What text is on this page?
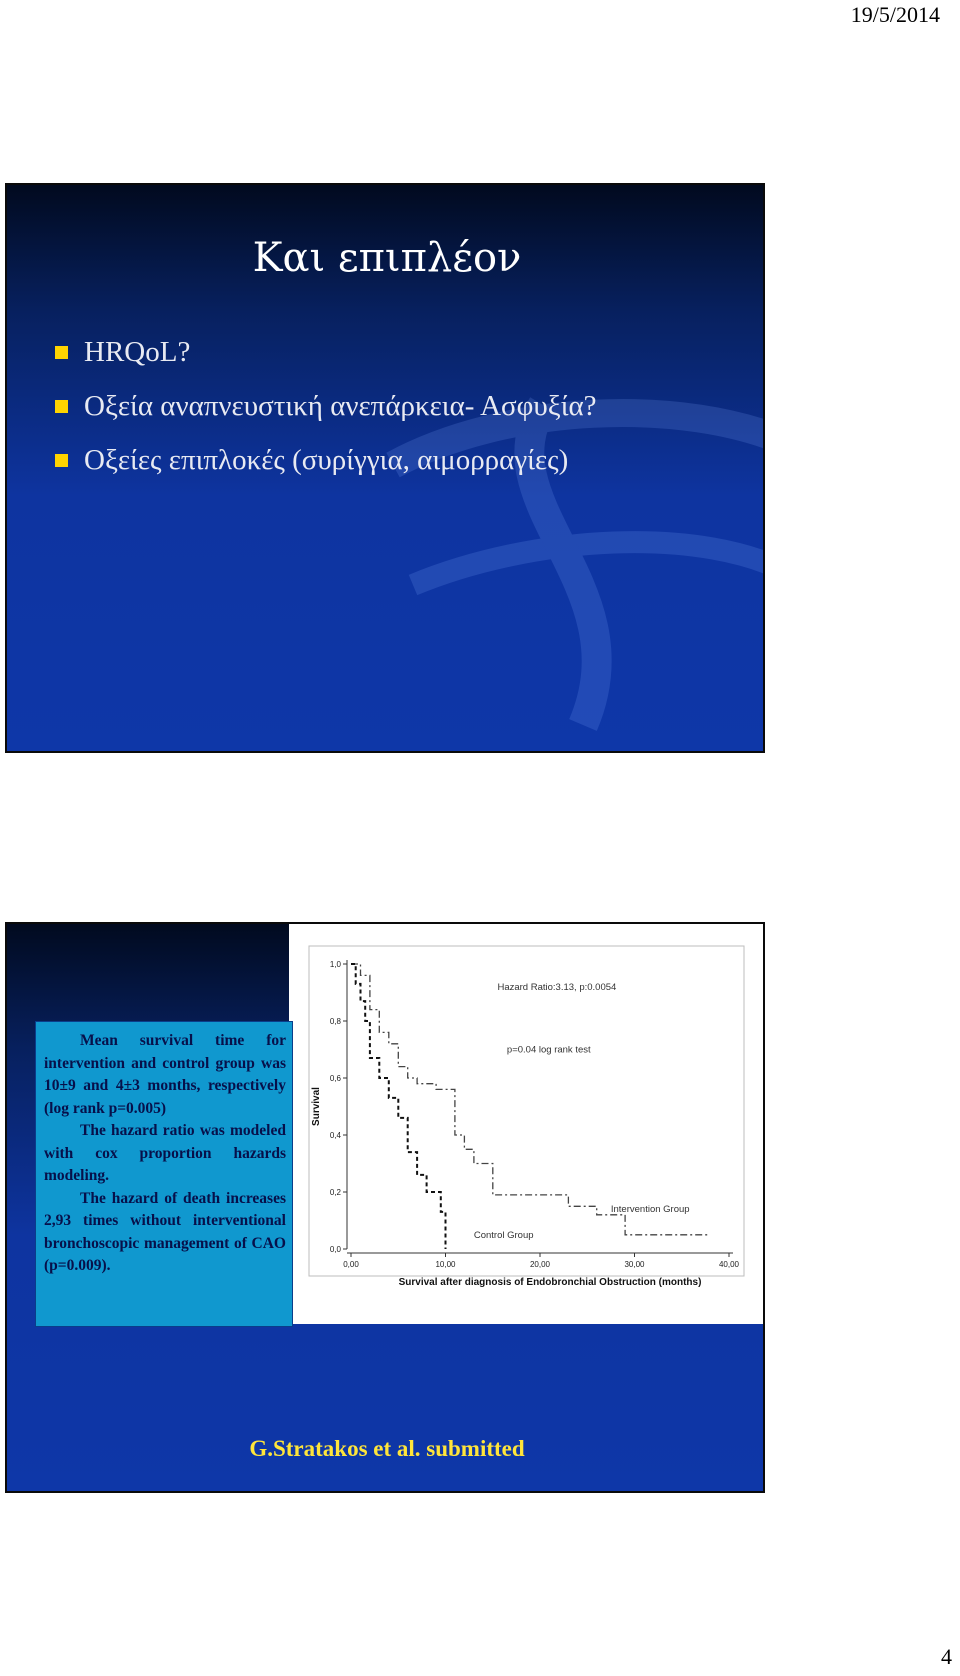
19/5/2014
Και επιπλέον
HRQoL?
Οξεία αναπνευστική ανεπάρκεια- Ασφυξία?
Οξείες επιπλοκές (συρίγγια, αιμορραγίες)
0,0
0,2
0,4
0,6
0,8
1,0
0,00	10,00	20,00	30,00	40,00
Survival
Survival after diagnosis of Endobronchial Obstruction (months)
Hazard Ratio:3.13, p:0.0054
p=0.04 log rank test
Intervention Group
Control Group

Mean survival time for intervention and control group was 10±9 and 4±3 months, respectively (log rank p=0.005)

The hazard ratio was modeled with cox proportion hazards modeling.

The hazard of death increases 2,93 times without interventional bronchoscopic management of CAO (p=0.009).

G.Stratakos et al. submitted
4
